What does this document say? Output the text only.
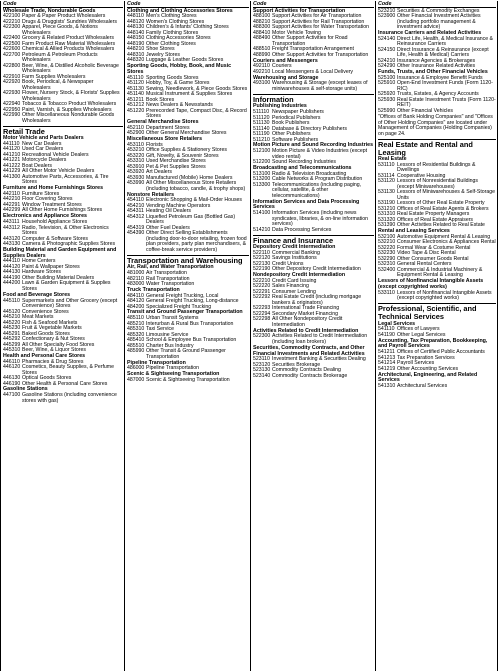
Code
Wholesale Trade, Nondurable Goods
422100 Paper & Paper Product Wholesalers
422210 Drugs & Druggists' Sundries Wholesalers
422300 Apparel, Piece Goods, & Notions Wholesalers
422400 Grocery & Related Product Wholesalers
422500 Farm Product Raw Material Wholesalers
422600 Chemical & Allied Products Wholesalers
422700 Petroleum & Petroleum Products Wholesalers
422800 Beer, Wine, & Distilled Alcoholic Beverage Wholesalers
422910 Farm Supplies Wholesalers
422920 Book, Periodical, & Newspaper Wholesalers
422930 Flower, Nursery Stock, & Florists' Supplies Wholesalers
422940 Tobacco & Tobacco Product Wholesalers
422950 Paint, Varnish, & Supplies Wholesalers
422990 Other Miscellaneous Nondurable Goods Wholesalers
Retail Trade
Motor Vehicle and Parts Dealers
441110 New Car Dealers
441120 Used Car Dealers
441210 Recreational Vehicle Dealers
441221 Motorcycle Dealers
441222 Boat Dealers
441229 All Other Motor Vehicle Dealers
441300 Automotive Parts, Accessories, & Tire Stores
Furniture and Home Furnishings Stores
442110 Furniture Stores
442210 Floor Covering Stores
442291 Window Treatment Stores
442299 All Other Home Furnishings Stores
Electronics and Appliance Stores
443111 Household Appliance Stores
443112 Radio, Television, & Other Electronics Stores
443120 Computer & Software Stores
443130 Camera & Photographic Supplies Stores
Building Material and Garden Equipment and Supplies Dealers
444110 Home Centers
444120 Paint & Wallpaper Stores
444130 Hardware Stores
444190 Other Building Material Dealers
444200 Lawn & Garden Equipment & Supplies Stores
Food and Beverage Stores
445110 Supermarkets and Other Grocery (except Convenience) Stores
445120 Convenience Stores
445210 Meat Markets
445220 Fish & Seafood Markets
445230 Fruit & Vegetable Markets
445291 Baked Goods Stores
445292 Confectionary & Nut Stores
445299 All Other Specialty Food Stores
445310 Beer, Wine, & Liquor Stores
Health and Personal Care Stores
446110 Pharmacies & Drug Stores
446120 Cosmetics, Beauty Supplies, & Perfume Stores
446130 Optical Goods Stores
446190 Other Health & Personal Care Stores
Gasoline Stations
447100 Gasoline Stations (including convenience stores with gas)
Code
Clothing and Clothing Accessories Stores
448110 Men's Clothing Stores
448120 Women's Clothing Stores
448130 Children's & Infants' Clothing Stores
448140 Family Clothing Stores
448150 Clothing Accessories Stores
448190 Other Clothing Stores
448210 Shoe Stores
448310 Jewelry Stores
448320 Luggage & Leather Goods Stores
Sporting Goods, Hobby, Book, and Music Stores
451110 Sporting Goods Stores
451120 Hobby, Toy, & Game Stores
451130 Sewing, Needlework, & Piece Goods Stores
451140 Musical Instrument & Supplies Stores
451211 Book Stores
451212 News Dealers & Newsstands
451220 Prerecorded Tape, Compact Disc, & Record Stores
General Merchandise Stores
452110 Department Stores
452900 Other General Merchandise Stores
Miscellaneous Store Retailers
453110 Florists
453210 Office Supplies & Stationery Stores
453220 Gift, Novelty, & Souvenir Stores
453310 Used Merchandise Stores
453910 Pet & Pet Supplies Stores
453920 Art Dealers
453930 Manufactured (Mobile) Home Dealers
453990 All Other Miscellaneous Store Retailers (including tobacco, candle, & trophy shops)
Nonstore Retailers
454110 Electronic Shopping & Mail-Order Houses
454210 Vending Machine Operators
454311 Heating Oil Dealers
454312 Liquefied Petroleum Gas (Bottled Gas) Dealers
454319 Other Fuel Dealers
454390 Other Direct Selling Establishments (including door-to-door retailing, frozen food plan providers, party plan merchandisers, & coffee-break service providers)
Transportation and Warehousing
Air, Rail, and Water Transportation
481000 Air Transportation
482110 Rail Transportation
483000 Water Transportation
Truck Transportation
484110 General Freight Trucking, Local
484120 General Freight Trucking, Long-distance
484200 Specialized Freight Trucking
Transit and Ground Passenger Transportation
485110 Urban Transit Systems
485210 Interurban & Rural Bus Transportation
485310 Taxi Service
485320 Limousine Service
485410 School & Employee Bus Transportation
485510 Charter Bus Industry
485990 Other Transit & Ground Passenger Transportation
Pipeline Transportation
486000 Pipeline Transportation
Scenic & Sightseeing Transportation
487000 Scenic & Sightseeing Transportation
Code
Support Activities for Transportation
488100 Support Activities for Air Transportation
488210 Support Activities for Rail Transportation
488300 Support Activities for Water Transportation
488410 Motor Vehicle Towing
488490 Other Support Activities for Road Transportation
488510 Freight Transportation Arrangement
488990 Other Support Activities for Transportation
Couriers and Messengers
492110 Couriers
492210 Local Messengers & Local Delivery
Warehousing and Storage
493100 Warehousing & Storage (except leases of miniwarehouses & self-storage units)
Information
Publishing Industries
511110 Newspaper Publishers
511120 Periodical Publishers
511130 Book Publishers
511140 Database & Directory Publishers
511190 Other Publishers
511210 Software Publishers
Motion Picture and Sound Recording Industries
512100 Motion Picture & Video Industries (except video rental)
512200 Sound Recording Industries
Broadcasting and Telecommunications
513100 Radio & Television Broadcasting
513200 Cable Networks & Program Distribution
513300 Telecommunications (including paging, cellular, satellite, & other telecommunications)
Information Services and Data Processing Services
514100 Information Services (including news syndicates, libraries, & on-line information services)
514210 Data Processing Services
Finance and Insurance
Depository Credit Intermediation
522110 Commercial Banking
522120 Savings Institutions
522130 Credit Unions
522190 Other Depository Credit Intermediation
Nondepository Credit Intermediation
522210 Credit Card Issuing
522220 Sales Financing
522291 Consumer Lending
522292 Real Estate Credit (including mortgage bankers & originators)
522293 International Trade Financing
522294 Secondary Market Financing
522298 All Other Nondepository Credit Intermediation
Activities Related to Credit Intermediation
522300 Activities Related to Credit Intermediation (including loan brokers)
Securities, Commodity Contracts, and Other Financial Investments and Related Activities
523110 Investment Banking & Securities Dealing
523120 Securities Brokerage
523130 Commodity Contracts Dealing
523140 Commodity Contracts Brokerage
Code
523210 Securities & Commodity Exchanges
523900 Other Financial Investment Activities (including portfolio management & investment advice)
Insurance Carriers and Related Activities
524140 Direct Life, Health, & Medical Insurance & Reinsurance Carriers
524150 Direct Insurance & Reinsurance (except Life, Health & Medical) Carriers
524210 Insurance Agencies & Brokerages
524290 Other Insurance Related Activities
Funds, Trusts, and Other Financial Vehicles
525100 Insurance & Employee Benefit Funds
525910 Open-End Investment Funds (Form 1120-RIC)
525920 Trusts, Estates, & Agency Accounts
525930 Real Estate Investment Trusts (Form 1120-REIT)
525990 Other Financial Vehicles
"Offices of Bank Holding Companies" and "Offices of Other Holding Companies" are located under Management of Companies (Holding Companies) on page 24.
Real Estate and Rental and Leasing
Real Estate
531110 Lessors of Residential Buildings & Dwellings
531114 Cooperative Housing
531120 Lessors of Nonresidential Buildings (except Miniwarehouses)
531130 Lessors of Miniwarehouses & Self-Storage Units
531190 Lessors of Other Real Estate Property
531210 Offices of Real Estate Agents & Brokers
531310 Real Estate Property Managers
531320 Offices of Real Estate Appraisers
531390 Other Activities Related to Real Estate
Rental and Leasing Services
532100 Automotive Equipment Rental & Leasing
532210 Consumer Electronics & Appliances Rental
532220 Formal Wear & Costume Rental
532230 Video Tape & Disc Rental
532290 Other Consumer Goods Rental
532310 General Rental Centers
532400 Commercial & Industrial Machinery & Equipment Rental & Leasing
Lessors of Nonfinancial Intangible Assets (except copyrighted works)
533110 Lessors of Nonfinancial Intangible Assets (except copyrighted works)
Professional, Scientific, and Technical Services
Legal Services
541110 Offices of Lawyers
541190 Other Legal Services
Accounting, Tax Preparation, Bookkeeping, and Payroll Services
541211 Offices of Certified Public Accountants
541213 Tax Preparation Services
541214 Payroll Services
541219 Other Accounting Services
Architectural, Engineering, and Related Services
541310 Architectural Services
